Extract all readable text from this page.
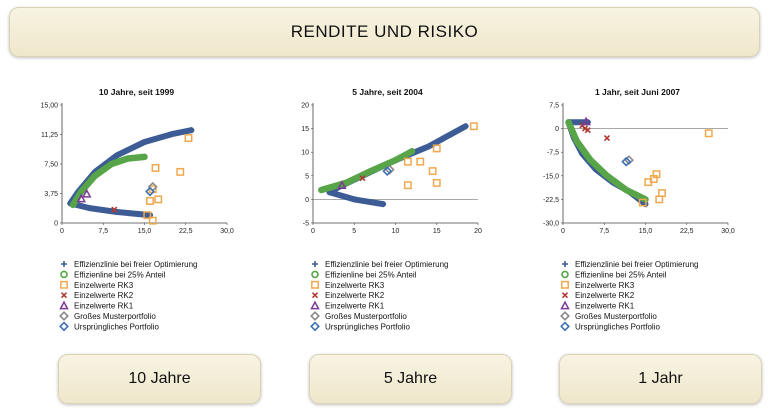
RENDITE UND RISIKO
10 Jahre, seit 1999
0	7,5	15,0	22,5	30,0
0
3,75
7,50
11,25
15,00
Effizienzlinie bei freier Optimierung
Effizienline bei 25% Anteil
Einzelwerte RK3
Einzelwerte RK2
Einzelwerte RK1
Großes Musterportfolio
Ursprüngliches Portfolio
5 Jahre, seit 2004
0	5	10	15	20
-5
0
5
10
15
20
Effizienzlinie bei freier Optimierung
Effizienline bei 25% Anteil
Einzelwerte RK3
Einzelwerte RK2
Einzelwerte RK1
Großes Musterportfolio
Ursprüngliches Portfolio
1 Jahr, seit Juni 2007
0	7,5	15,0	22,5	30,0
-30,0
-22,5
-15,0
-7,5
0
7,5
Effizienzlinie bei freier Optimierung
Effizienline bei 25% Anteil
Einzelwerte RK3
Einzelwerte RK2
Einzelwerte RK1
Großes Musterportfolio
Ursprüngliches Portfolio
10 Jahre	5 Jahre	1 Jahr
